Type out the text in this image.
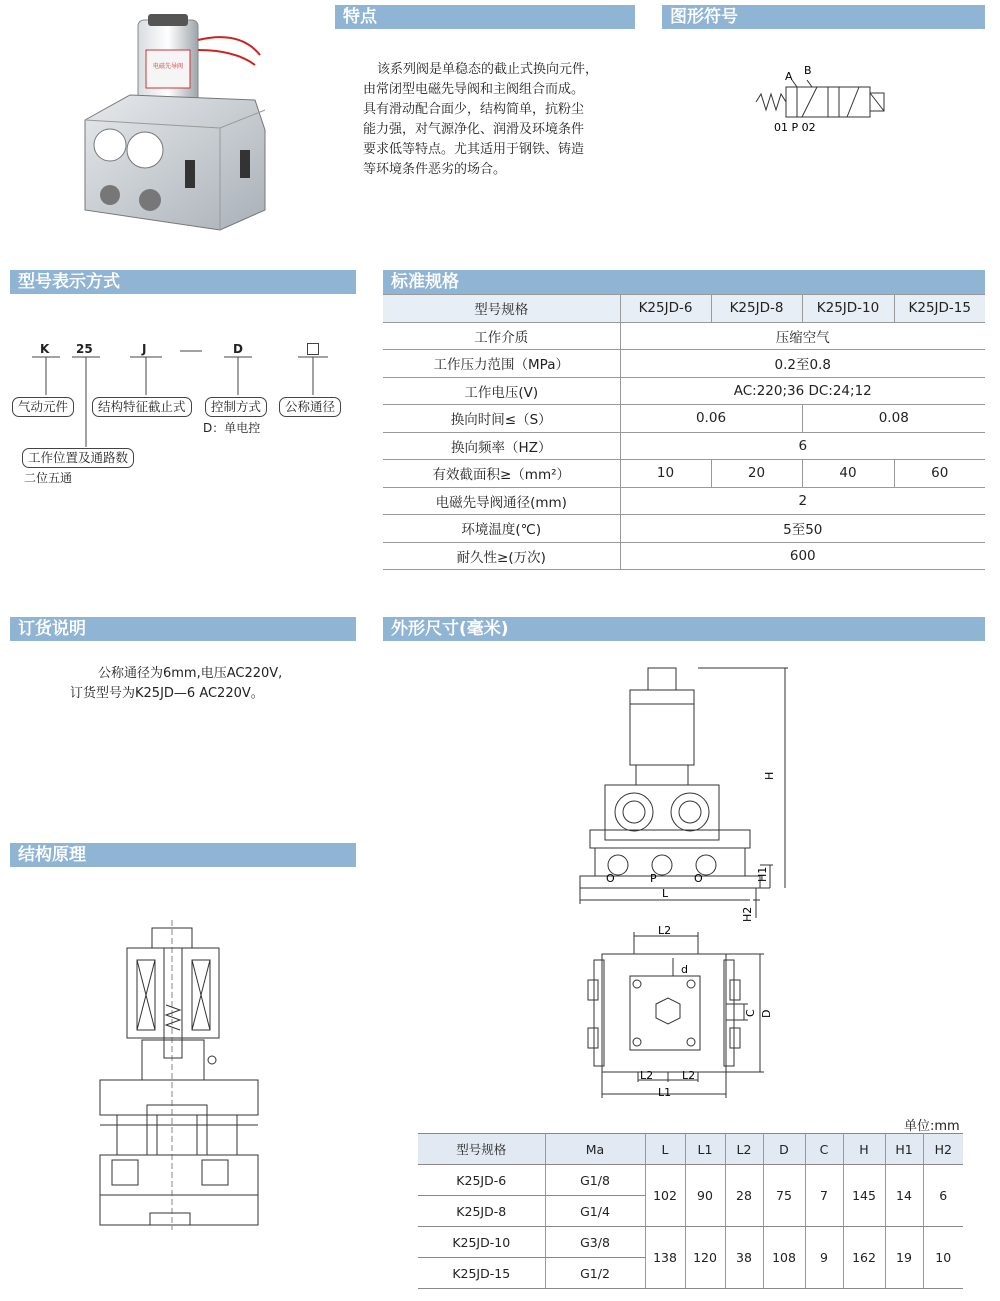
电磁先导阀
特点
该系列阀是单稳态的截止式换向元件，
由常闭型电磁先导阀和主阀组合而成。
具有滑动配合面少，结构简单，抗粉尘
能力强，对气源净化、润滑及环境条件
要求低等特点。尤其适用于钢铁、铸造
等环境条件恶劣的场合。
图形符号
A B
01 P 02
型号表示方式
K 25	J	D
气动元件	结构特征截止式	控制方式
D：单电控
公称通径
工作位置及通路数
二位五通
标准规格
型号规格	K25JD-6	K25JD-8	K25JD-10	K25JD-15
工作介质	压缩空气			
工作压力范围（MPa）	0.2至0.8			
工作电压(V)	AC:220;36 DC:24;12			
换向时间≤（S）	0.06		0.08	
换向频率（HZ）	6			
有效截面积≥（mm²）	10	20	40	60
电磁先导阀通径(mm)	2			
环境温度(℃)	5至50			
耐久性≥(万次)	600			
订货说明
公称通径为6mm,电压AC220V,
订货型号为K25JD—6 AC220V。
外形尺寸(毫米)
H
H1
H2
L
O	P	O
L2
d
C D
L2	L2
L1
单位:mm
型号规格	Ma	L	L1	L2	D	C	H	H1	H2
K25JD-6	G1/8	102	90	28	75	7	145	14	6
K25JD-8	G1/4								
K25JD-10	G3/8	138	120	38	108	9	162	19	10
K25JD-15	G1/2								
结构原理
